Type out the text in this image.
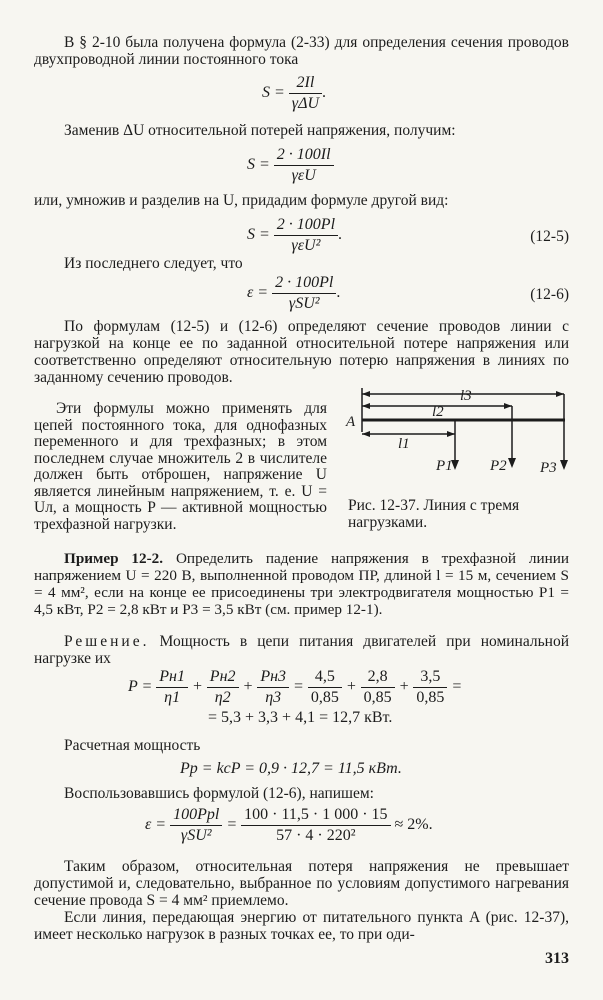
В § 2-10 была получена формула (2-33) для определения сечения проводов двухпроводной линии постоянного тока

$S = \frac{2Il}{\text{γΔU}}$ .

Заменив ΔU относительной потерей напряжения, получим:

$S = \frac{2 \cdot 100Il}{\text{γεU}}$

или, умножив и разделив на U, придадим формуле другой вид:

$S = \frac{2 \cdot 100Pl}{\text{γεU²}}$ .	(12-5)

Из последнего следует, что

$\varepsilon = \frac{2 \cdot 100Pl}{\text{γSU²}}$ .	(12-6)

По формулам (12-5) и (12-6) определяют сечение проводов линии с нагрузкой на конце ее по заданной относительной потере напряжения или соответственно определяют относительную потерю напряжения в линиях по заданному сечению проводов.

Эти формулы можно применять для цепей постоянного тока, для однофазных переменного и для трехфазных; в этом последнем случае множитель 2 в числителе должен быть отброшен, напряжение U является линейным напряжением, т. е. U = Uл, а мощность P — активной мощностью трехфазной нагрузки.

A
l1
l2
l3
P1 P2 P3
Рис. 12-37. Линия с тремя нагрузками.

Пример 12-2. Определить падение напряжения в трехфазной линии напряжением U = 220 В, выполненной проводом ПР, длиной l = 15 м, сечением S = 4 мм², если на конце ее присоединены три электродвигателя мощностью P1 = 4,5 кВт, P2 = 2,8 кВт и P3 = 3,5 кВт (см. пример 12-1).

Решение. Мощность в цепи питания двигателей при номинальной нагрузке их

$P = \frac{Pн1}{\eta 1} + \frac{Pн2}{\eta 2} + \frac{Pн3}{\eta 3} = \frac{4,5}{0,85} + \frac{2,8}{0,85} + \frac{3,5}{0,85}$ =
= 5,3 + 3,3 + 4,1 = 12,7 кВт.

Расчетная мощность

Pр = kсP = 0,9 · 12,7 = 11,5 кВт.

Воспользовавшись формулой (12-6), напишем:

$\varepsilon = \frac{\text{100Pрl}}{\text{γSU²}} = \frac{100 \cdot 11,5 \cdot 1 000 \cdot 15}{\text{57 · 4 · 220²}} \approx 2\%$.

Таким образом, относительная потеря напряжения не превышает допустимой и, следовательно, выбранное по условиям допустимого нагревания сечение провода S = 4 мм² приемлемо.

Если линия, передающая энергию от питательного пункта A (рис. 12-37), имеет несколько нагрузок в разных точках ее, то при оди-

313
